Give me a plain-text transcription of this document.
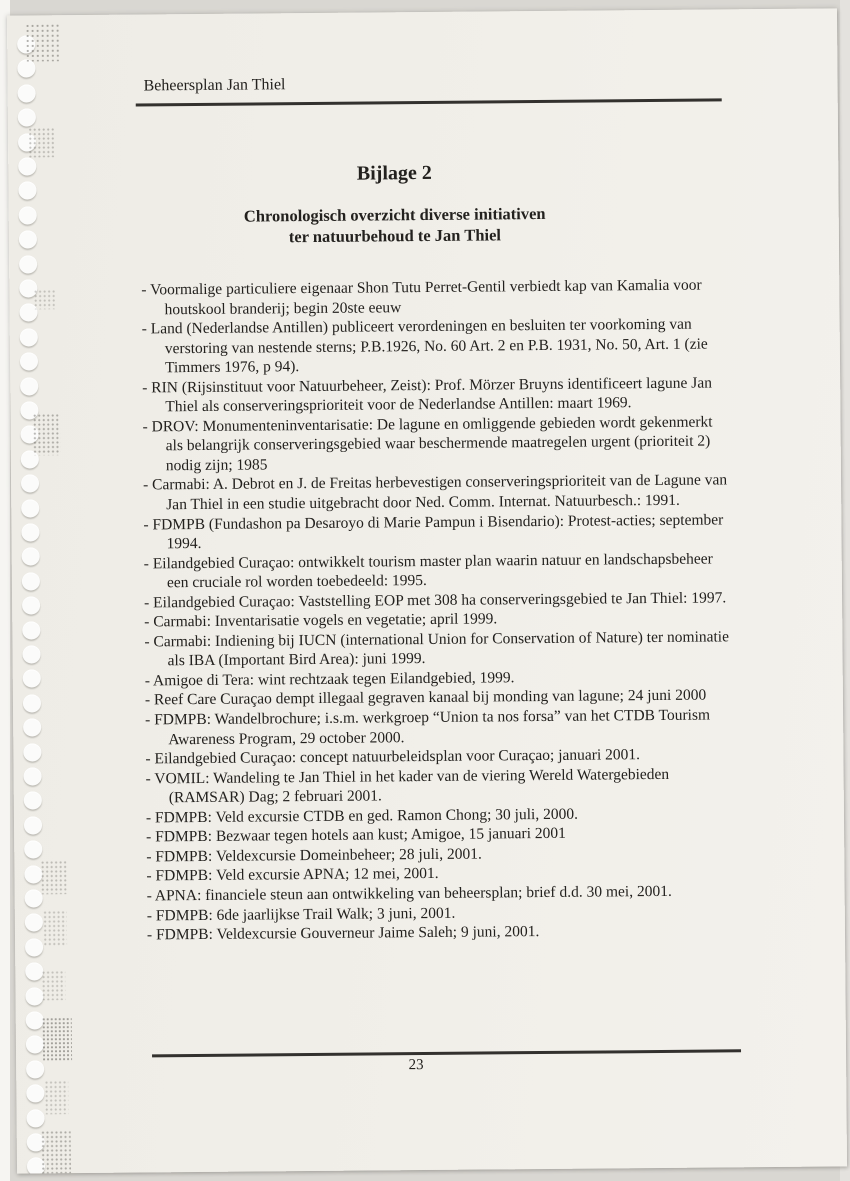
Beheersplan Jan Thiel
Bijlage 2
Chronologisch overzicht diverse initiativen
ter natuurbehoud te Jan Thiel
- Voormalige particuliere eigenaar Shon Tutu Perret-Gentil verbiedt kap van Kamalia voor houtskool branderij; begin 20ste eeuw
- Land (Nederlandse Antillen) publiceert verordeningen en besluiten ter voorkoming van verstoring van nestende sterns; P.B.1926, No. 60 Art. 2 en P.B. 1931, No. 50, Art. 1 (zie Timmers 1976, p 94).
- RIN (Rijsinstituut voor Natuurbeheer, Zeist): Prof. Mörzer Bruyns identificeert lagune Jan Thiel als conserveringsprioriteit voor de Nederlandse Antillen: maart 1969.
- DROV: Monumenteninventarisatie: De lagune en omliggende gebieden wordt gekenmerkt als belangrijk conserveringsgebied waar beschermende maatregelen urgent (prioriteit 2) nodig zijn; 1985
- Carmabi: A. Debrot en J. de Freitas herbevestigen conserveringsprioriteit van de Lagune van Jan Thiel in een studie uitgebracht door Ned. Comm. Internat. Natuurbesch.: 1991.
- FDMPB (Fundashon pa Desaroyo di Marie Pampun i Bisendario): Protest-acties; september 1994.
- Eilandgebied Curaçao: ontwikkelt tourism master plan waarin natuur en landschapsbeheer een cruciale rol worden toebedeeld: 1995.
- Eilandgebied Curaçao: Vaststelling EOP met 308 ha conserveringsgebied te Jan Thiel: 1997.
- Carmabi: Inventarisatie vogels en vegetatie; april 1999.
- Carmabi: Indiening bij IUCN (international Union for Conservation of Nature) ter nominatie als IBA (Important Bird Area): juni 1999.
- Amigoe di Tera: wint rechtzaak tegen Eilandgebied, 1999.
- Reef Care Curaçao dempt illegaal gegraven kanaal bij monding van lagune; 24 juni 2000
- FDMPB: Wandelbrochure; i.s.m. werkgroep “Union ta nos forsa” van het CTDB Tourism Awareness Program, 29 october 2000.
- Eilandgebied Curaçao: concept natuurbeleidsplan voor Curaçao; januari 2001.
- VOMIL: Wandeling te Jan Thiel in het kader van de viering Wereld Watergebieden (RAMSAR) Dag; 2 februari 2001.
- FDMPB: Veld excursie CTDB en ged. Ramon Chong; 30 juli, 2000.
- FDMPB: Bezwaar tegen hotels aan kust; Amigoe, 15 januari 2001
- FDMPB: Veldexcursie Domeinbeheer; 28 juli, 2001.
- FDMPB: Veld excursie APNA; 12 mei, 2001.
- APNA: financiele steun aan ontwikkeling van beheersplan; brief d.d. 30 mei, 2001.
- FDMPB: 6de jaarlijkse Trail Walk; 3 juni, 2001.
- FDMPB: Veldexcursie Gouverneur Jaime Saleh; 9 juni, 2001.
23
